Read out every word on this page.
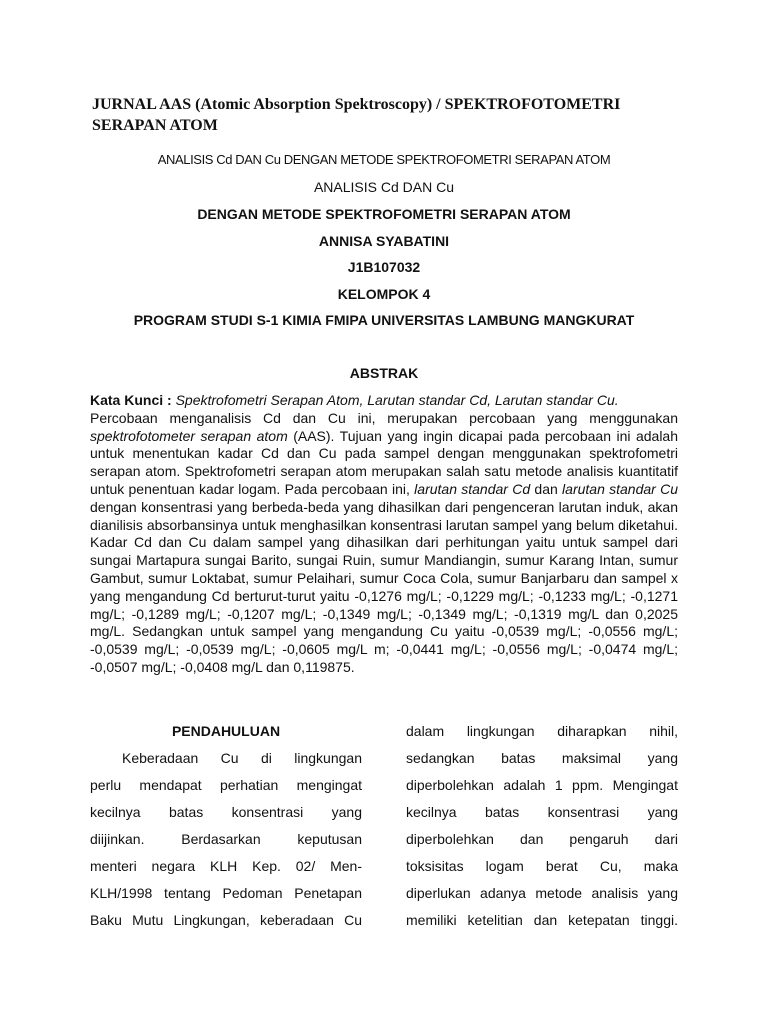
JURNAL AAS (Atomic Absorption Spektroscopy) / SPEKTROFOTOMETRI SERAPAN ATOM

ANALISIS Cd DAN Cu DENGAN METODE SPEKTROFOMETRI SERAPAN ATOM

ANALISIS Cd DAN Cu

DENGAN METODE SPEKTROFOMETRI SERAPAN ATOM

ANNISA SYABATINI

J1B107032

KELOMPOK 4

PROGRAM STUDI S-1 KIMIA FMIPA UNIVERSITAS LAMBUNG MANGKURAT

ABSTRAK

Kata Kunci : Spektrofometri Serapan Atom, Larutan standar Cd, Larutan standar Cu.

Percobaan menganalisis Cd dan Cu ini, merupakan percobaan yang menggunakan spektrofotometer serapan atom (AAS). Tujuan yang ingin dicapai pada percobaan ini adalah untuk menentukan kadar Cd dan Cu pada sampel dengan menggunakan spektrofometri serapan atom. Spektrofometri serapan atom merupakan salah satu metode analisis kuantitatif untuk penentuan kadar logam. Pada percobaan ini, larutan standar Cd dan larutan standar Cu dengan konsentrasi yang berbeda-beda yang dihasilkan dari pengenceran larutan induk, akan dianilisis absorbansinya untuk menghasilkan konsentrasi larutan sampel yang belum diketahui. Kadar Cd dan Cu dalam sampel yang dihasilkan dari perhitungan yaitu untuk sampel dari sungai Martapura sungai Barito, sungai Ruin, sumur Mandiangin, sumur Karang Intan, sumur Gambut, sumur Loktabat, sumur Pelaihari, sumur Coca Cola, sumur Banjarbaru dan sampel x yang mengandung Cd berturut-turut yaitu -0,1276 mg/L; -0,1229 mg/L; -0,1233 mg/L; -0,1271 mg/L; -0,1289 mg/L; -0,1207 mg/L; -0,1349 mg/L; -0,1349 mg/L; -0,1319 mg/L dan 0,2025 mg/L. Sedangkan untuk sampel yang mengandung Cu yaitu -0,0539 mg/L; -0,0556 mg/L; -0,0539 mg/L; -0,0539 mg/L; -0,0605 mg/L m; -0,0441 mg/L; -0,0556 mg/L; -0,0474 mg/L; -0,0507 mg/L; -0,0408 mg/L dan 0,119875.

PENDAHULUAN

Keberadaan Cu di lingkungan

perlu mendapat perhatian mengingat

kecilnya batas konsentrasi yang

diijinkan. Berdasarkan keputusan

menteri negara KLH Kep. 02/ Men-

KLH/1998 tentang Pedoman Penetapan

Baku Mutu Lingkungan, keberadaan Cu

dalam lingkungan diharapkan nihil,

sedangkan batas maksimal yang

diperbolehkan adalah 1 ppm. Mengingat

kecilnya batas konsentrasi yang

diperbolehkan dan pengaruh dari

toksisitas logam berat Cu, maka

diperlukan adanya metode analisis yang

memiliki ketelitian dan ketepatan tinggi.
